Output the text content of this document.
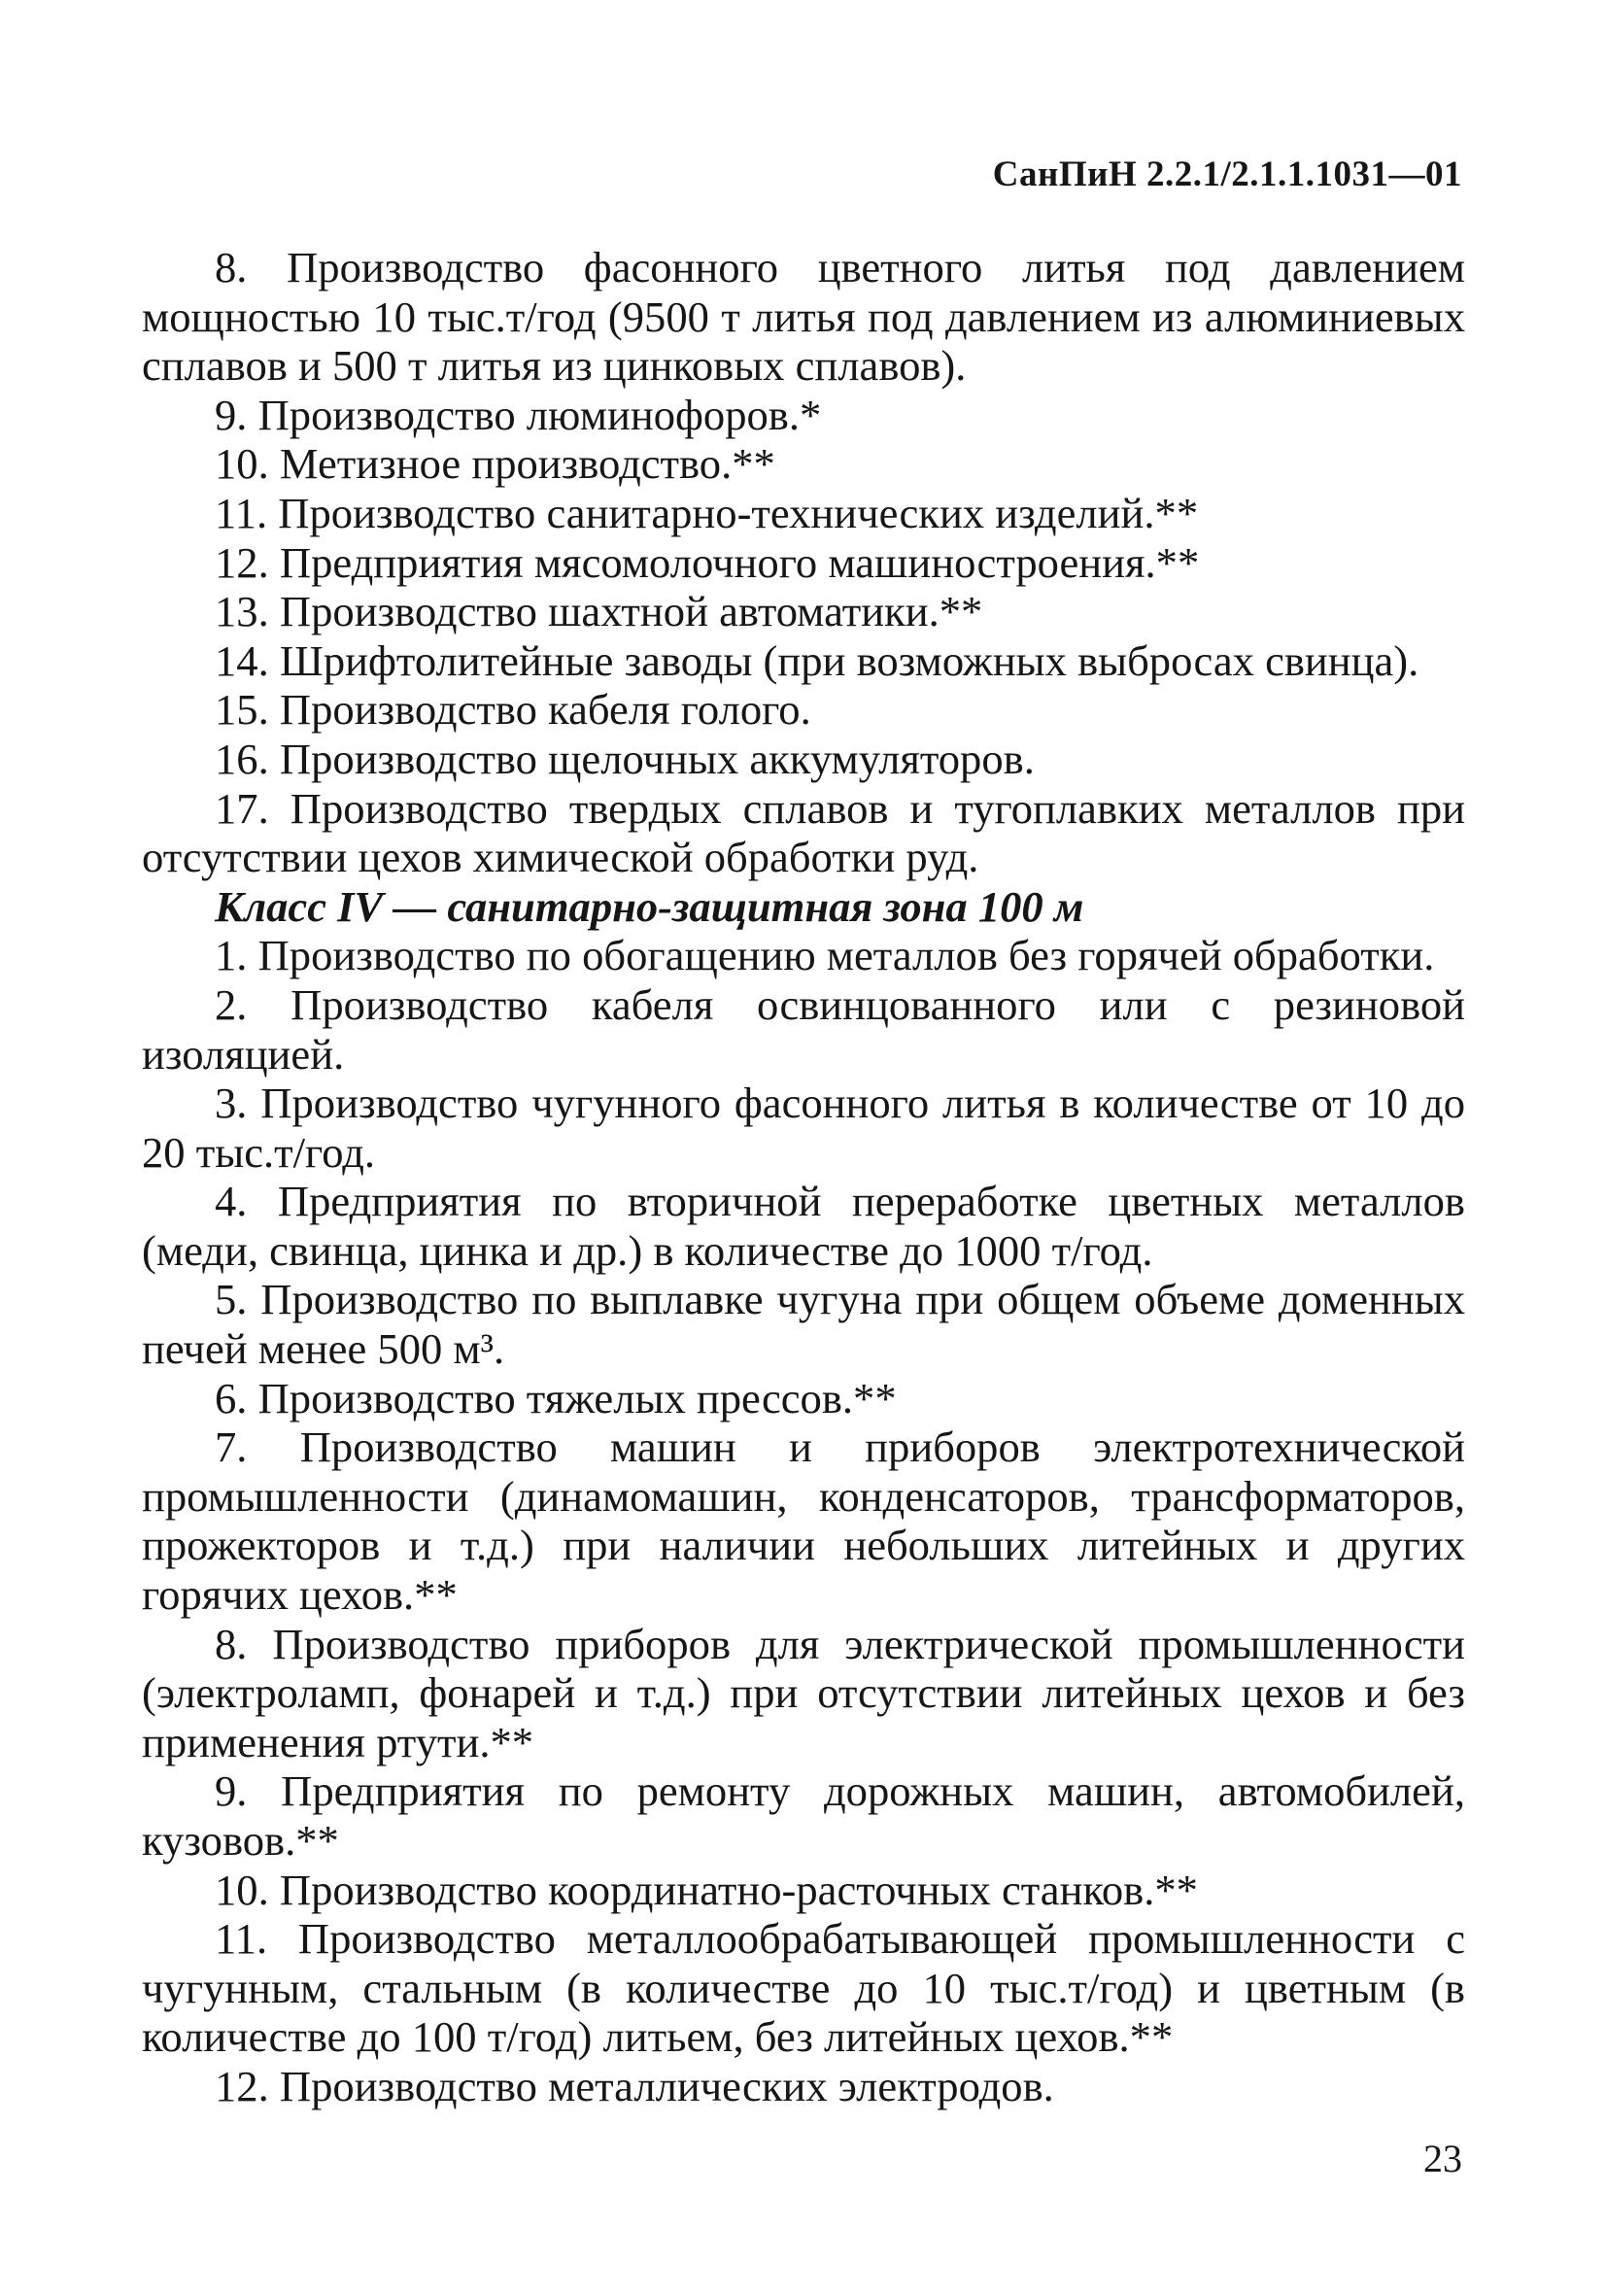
СанПиН 2.2.1/2.1.1.1031—01

8. Производство фасонного цветного литья под давлением мощностью 10 тыс.т/год (9500 т литья под давлением из алюминиевых сплавов и 500 т литья из цинковых сплавов).

9. Производство люминофоров.*

10. Метизное производство.**

11. Производство санитарно-технических изделий.**

12. Предприятия мясомолочного машиностроения.**

13. Производство шахтной автоматики.**

14. Шрифтолитейные заводы (при возможных выбросах свинца).

15. Производство кабеля голого.

16. Производство щелочных аккумуляторов.

17. Производство твердых сплавов и тугоплавких металлов при отсутствии цехов химической обработки руд.

Класс IV — санитарно-защитная зона 100 м

1. Производство по обогащению металлов без горячей обработки.

2. Производство кабеля освинцованного или с резиновой изоляцией.

3. Производство чугунного фасонного литья в количестве от 10 до 20 тыс.т/год.

4. Предприятия по вторичной переработке цветных металлов (меди, свинца, цинка и др.) в количестве до 1000 т/год.

5. Производство по выплавке чугуна при общем объеме доменных печей менее 500 м³.

6. Производство тяжелых прессов.**

7. Производство машин и приборов электротехнической промышленности (динамомашин, конденсаторов, трансформаторов, прожекторов и т.д.) при наличии небольших литейных и других горячих цехов.**

8. Производство приборов для электрической промышленности (электроламп, фонарей и т.д.) при отсутствии литейных цехов и без применения ртути.**

9. Предприятия по ремонту дорожных машин, автомобилей, кузовов.**

10. Производство координатно-расточных станков.**

11. Производство металлообрабатывающей промышленности с чугунным, стальным (в количестве до 10 тыс.т/год) и цветным (в количестве до 100 т/год) литьем, без литейных цехов.**

12. Производство металлических электродов.

23
